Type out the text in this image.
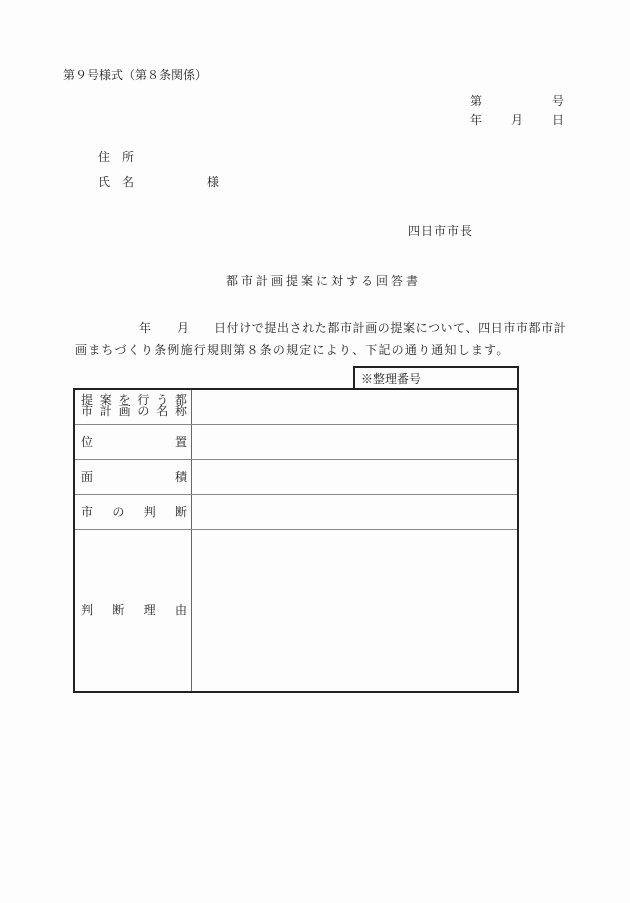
第９号様式（第８条関係）
第	号
年 月 日
住　所
氏　名	様
四日市市長
都市計画提案に対する回答書
年 月 日付けで提出された都市計画の提案について、四日市市都市計
画まちづくり条例施行規則第８条の規定により、下記の通り通知します。
※整理番号
提 案 を 行 う 都
市 計 画 の 名 称
位	置
面	積
市 の 判 断
判 断 理 由
